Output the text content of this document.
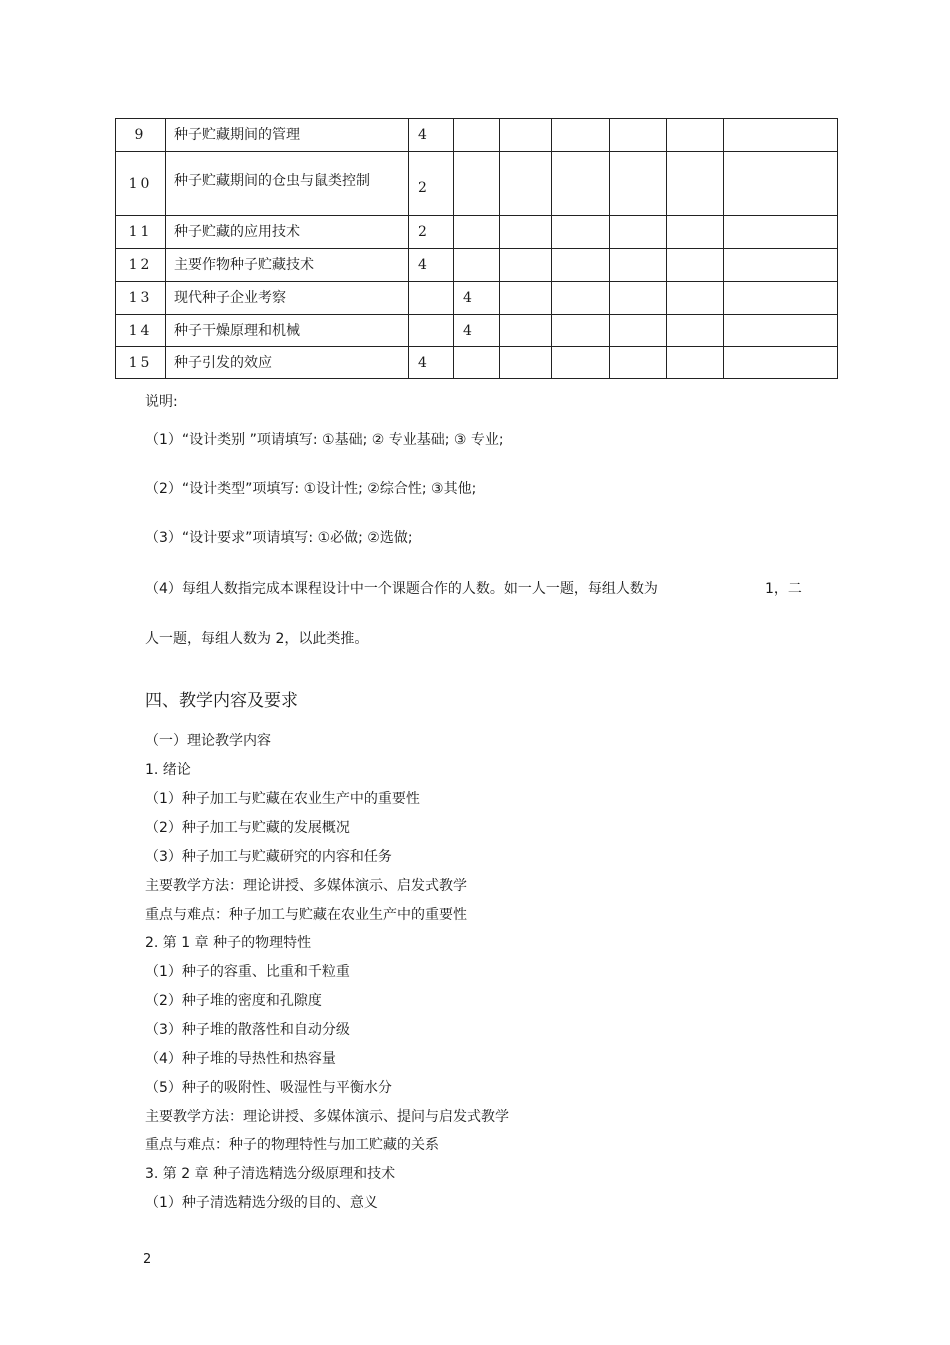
9	种子贮藏期间的管理	4						
10	种子贮藏期间的仓虫与鼠类控制	2						
11	种子贮藏的应用技术	2						
12	主要作物种子贮藏技术	4						
13	现代种子企业考察		4					
14	种子干燥原理和机械		4					
15	种子引发的效应	4						
说明:
（1）“设计类别 ”项请填写: ①基础; ② 专业基础; ③ 专业;
（2）“设计类型”项填写: ①设计性; ②综合性; ③其他;
（3）“设计要求”项请填写: ①必做; ②选做;
（4）每组人数指完成本课程设计中一个课题合作的人数。如一人一题，每组人数为	1，二
人一题，每组人数为 2，以此类推。
四、教学内容及要求
（一）理论教学内容
1. 绪论
（1）种子加工与贮藏在农业生产中的重要性
（2）种子加工与贮藏的发展概况
（3）种子加工与贮藏研究的内容和任务
主要教学方法：理论讲授、多媒体演示、启发式教学
重点与难点：种子加工与贮藏在农业生产中的重要性
2. 第 1 章 种子的物理特性
（1）种子的容重、比重和千粒重
（2）种子堆的密度和孔隙度
（3）种子堆的散落性和自动分级
（4）种子堆的导热性和热容量
（5）种子的吸附性、吸湿性与平衡水分
主要教学方法：理论讲授、多媒体演示、提问与启发式教学
重点与难点：种子的物理特性与加工贮藏的关系
3. 第 2 章 种子清选精选分级原理和技术
（1）种子清选精选分级的目的、意义
2
